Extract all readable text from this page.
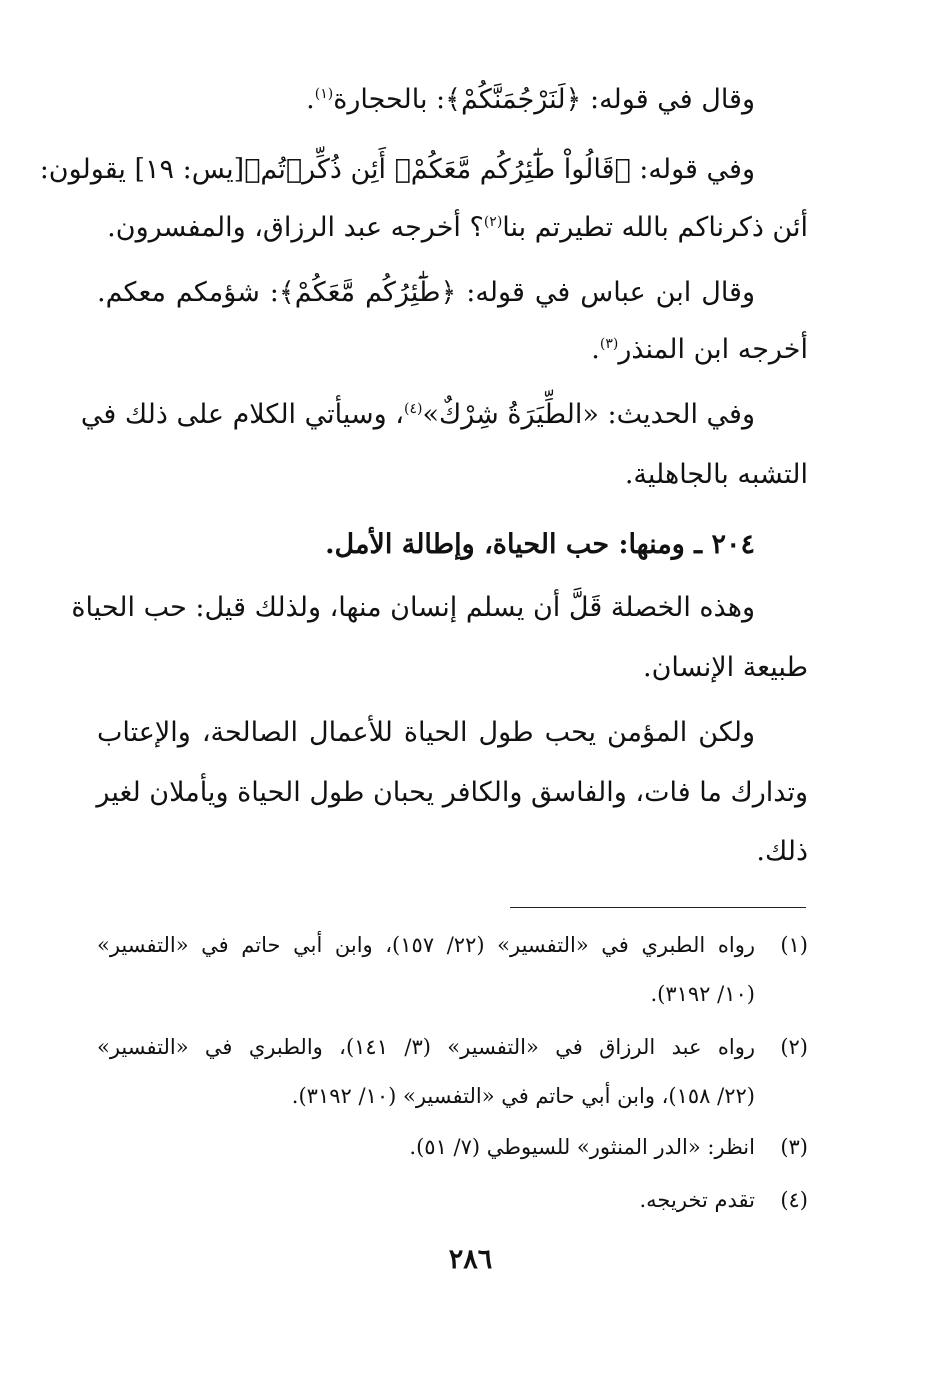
وقال في قوله: ﴿لَنَرْجُمَنَّكُمْ﴾: بالحجارة$^{(١)}$.
وفي قوله: ﴿قَالُواْ طَٰٓئِرُكُم مَّعَكُمْۚ أَئِن ذُكِّرۡتُم﴾[يس: ١٩] يقولون:
أئن ذكرناكم بالله تطيرتم بنا$^{(٢)}$؟ أخرجه عبد الرزاق، والمفسرون.
وقال ابن عباس في قوله: ﴿طَٰٓئِرُكُم مَّعَكُمْ﴾: شؤمكم معكم.
أخرجه ابن المنذر$^{(٣)}$.
وفي الحديث: «الطِّيَرَةُ شِرْكٌ»$^{(٤)}$، وسيأتي الكلام على ذلك في
التشبه بالجاهلية.
٢٠٤ ـ ومنها: حب الحياة، وإطالة الأمل.
وهذه الخصلة قَلَّ أن يسلم إنسان منها، ولذلك قيل: حب الحياة
طبيعة الإنسان.
ولكن المؤمن يحب طول الحياة للأعمال الصالحة، والإعتاب
وتدارك ما فات، والفاسق والكافر يحبان طول الحياة ويأملان لغير
ذلك.
(١)
رواه الطبري في «التفسير» (٢٢/ ١٥٧)، وابن أبي حاتم في «التفسير»
(١٠/ ٣١٩٢).
(٢)
رواه عبد الرزاق في «التفسير» (٣/ ١٤١)، والطبري في «التفسير»
(٢٢/ ١٥٨)، وابن أبي حاتم في «التفسير» (١٠/ ٣١٩٢).
(٣)
انظر: «الدر المنثور» للسيوطي (٧/ ٥١).
(٤)
تقدم تخريجه.
٢٨٦
